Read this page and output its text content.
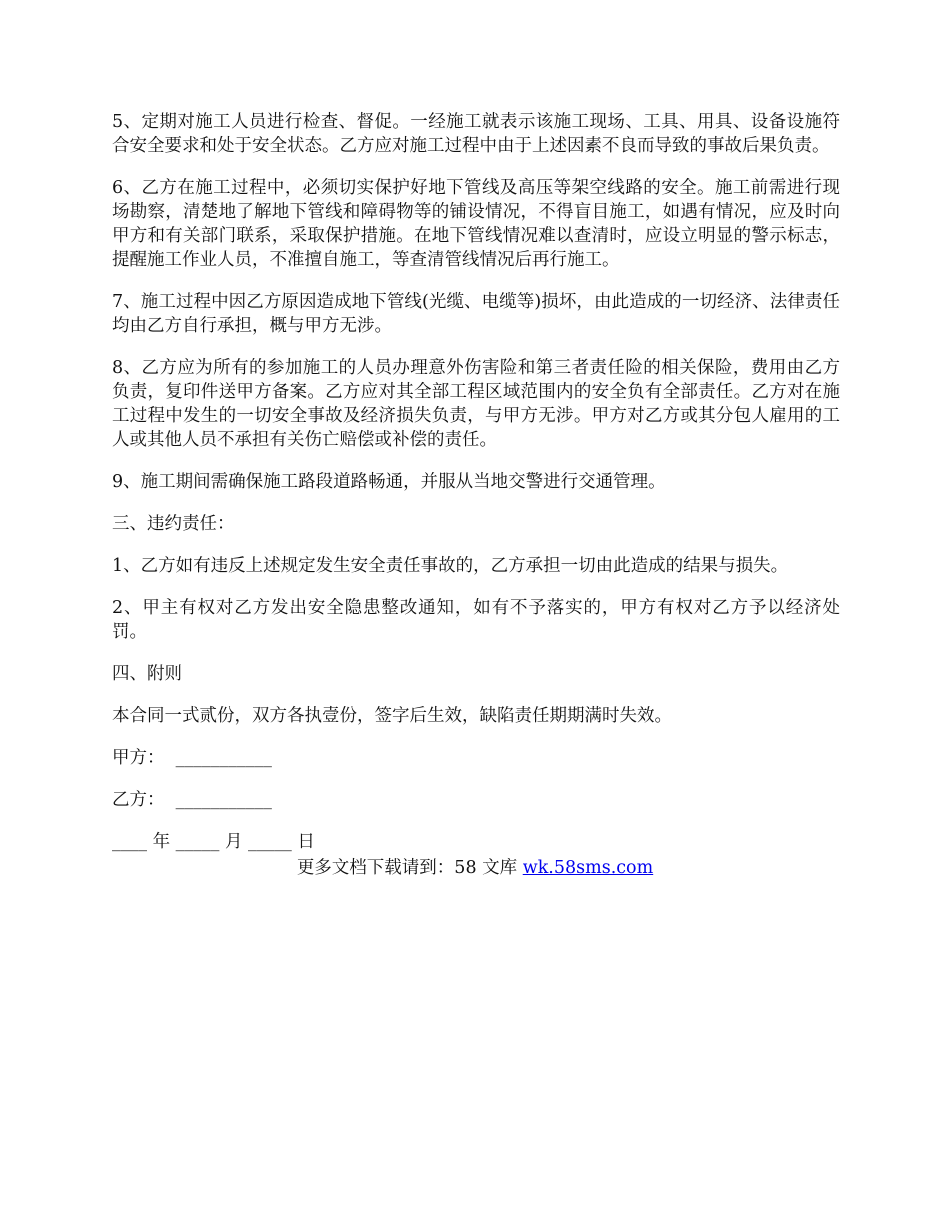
5、定期对施工人员进行检查、督促。一经施工就表示该施工现场、工具、用具、设备设施符合安全要求和处于安全状态。乙方应对施工过程中由于上述因素不良而导致的事故后果负责。

6、乙方在施工过程中，必须切实保护好地下管线及高压等架空线路的安全。施工前需进行现场勘察，清楚地了解地下管线和障碍物等的铺设情况，不得盲目施工，如遇有情况，应及时向甲方和有关部门联系，采取保护措施。在地下管线情况难以查清时，应设立明显的警示标志，提醒施工作业人员，不准擅自施工，等查清管线情况后再行施工。

7、施工过程中因乙方原因造成地下管线(光缆、电缆等)损坏，由此造成的一切经济、法律责任均由乙方自行承担，概与甲方无涉。

8、乙方应为所有的参加施工的人员办理意外伤害险和第三者责任险的相关保险，费用由乙方负责，复印件送甲方备案。乙方应对其全部工程区域范围内的安全负有全部责任。乙方对在施工过程中发生的一切安全事故及经济损失负责，与甲方无涉。甲方对乙方或其分包人雇用的工人或其他人员不承担有关伤亡赔偿或补偿的责任。

9、施工期间需确保施工路段道路畅通，并服从当地交警进行交通管理。

三、违约责任：

1、乙方如有违反上述规定发生安全责任事故的，乙方承担一切由此造成的结果与损失。

2、甲主有权对乙方发出安全隐患整改通知，如有不予落实的，甲方有权对乙方予以经济处罚。

四、附则

本合同一式贰份，双方各执壹份，签字后生效，缺陷责任期期满时失效。

甲方：  ___________

乙方：  ___________

____ 年 _____ 月 _____ 日

更多文档下载请到：58 文库 wk.58sms.com
